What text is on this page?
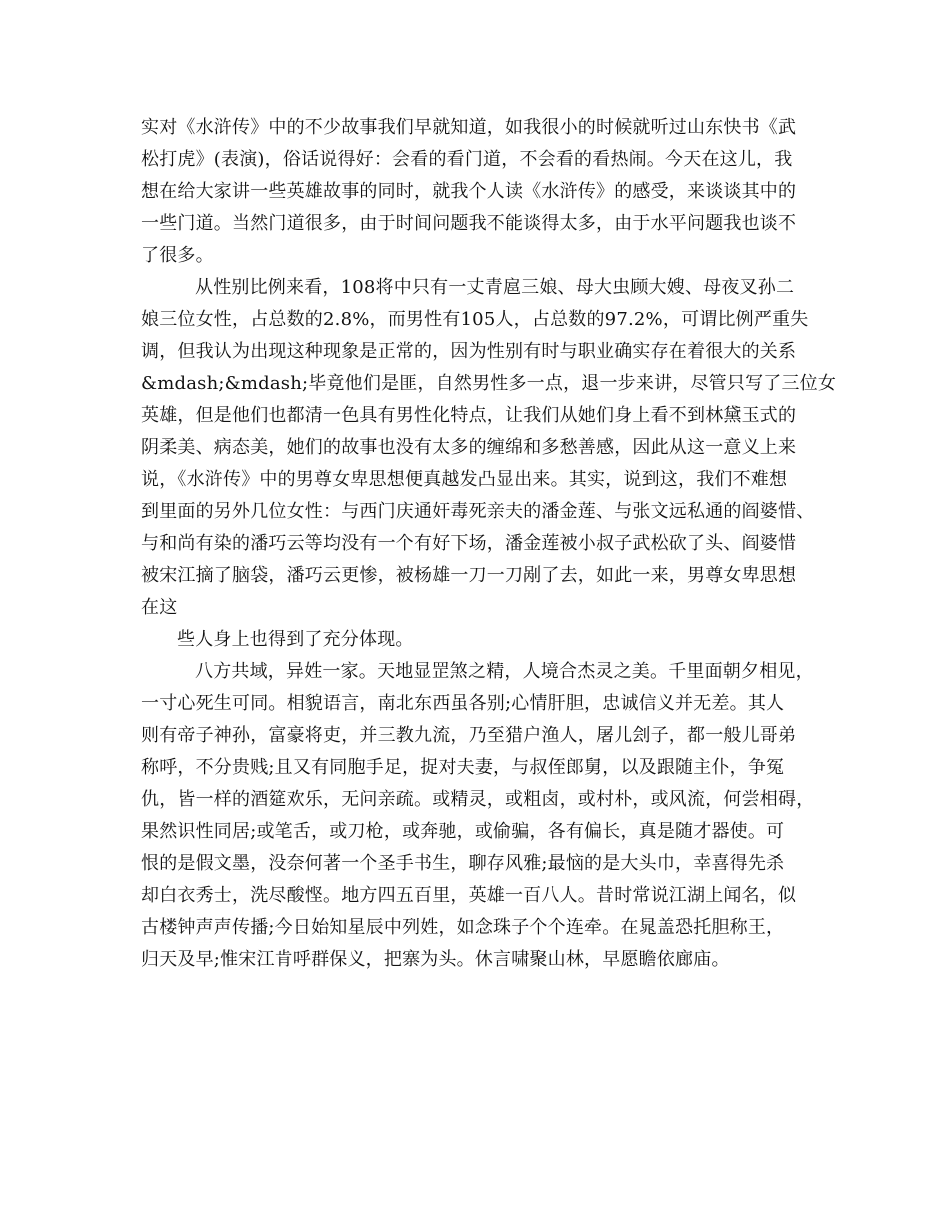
实对《水浒传》中的不少故事我们早就知道，如我很小的时候就听过山东快书《武
松打虎》(表演)，俗话说得好：会看的看门道，不会看的看热闹。今天在这儿，我
想在给大家讲一些英雄故事的同时，就我个人读《水浒传》的感受，来谈谈其中的
一些门道。当然门道很多，由于时间问题我不能谈得太多，由于水平问题我也谈不
了很多。
从性别比例来看，108将中只有一丈青扈三娘、母大虫顾大嫂、母夜叉孙二
娘三位女性，占总数的2.8%，而男性有105人，占总数的97.2%，可谓比例严重失
调，但我认为出现这种现象是正常的，因为性别有时与职业确实存在着很大的关系
&mdash;&mdash;毕竟他们是匪，自然男性多一点，退一步来讲，尽管只写了三位女
英雄，但是他们也都清一色具有男性化特点，让我们从她们身上看不到林黛玉式的
阴柔美、病态美，她们的故事也没有太多的缠绵和多愁善感，因此从这一意义上来
说，《水浒传》中的男尊女卑思想便真越发凸显出来。其实，说到这，我们不难想
到里面的另外几位女性：与西门庆通奸毒死亲夫的潘金莲、与张文远私通的阎婆惜、
与和尚有染的潘巧云等均没有一个有好下场，潘金莲被小叔子武松砍了头、阎婆惜
被宋江摘了脑袋，潘巧云更惨，被杨雄一刀一刀剐了去，如此一来，男尊女卑思想
在这
些人身上也得到了充分体现。
八方共域，异姓一家。天地显罡煞之精，人境合杰灵之美。千里面朝夕相见，
一寸心死生可同。相貌语言，南北东西虽各别;心情肝胆，忠诚信义并无差。其人
则有帝子神孙，富豪将吏，并三教九流，乃至猎户渔人，屠儿刽子，都一般儿哥弟
称呼，不分贵贱;且又有同胞手足，捉对夫妻，与叔侄郎舅，以及跟随主仆，争冤
仇，皆一样的酒筵欢乐，无问亲疏。或精灵，或粗卤，或村朴，或风流，何尝相碍，
果然识性同居;或笔舌，或刀枪，或奔驰，或偷骗，各有偏长，真是随才器使。可
恨的是假文墨，没奈何著一个圣手书生，聊存风雅;最恼的是大头巾，幸喜得先杀
却白衣秀士，洗尽酸悭。地方四五百里，英雄一百八人。昔时常说江湖上闻名，似
古楼钟声声传播;今日始知星辰中列姓，如念珠子个个连牵。在晁盖恐托胆称王，
归天及早;惟宋江肯呼群保义，把寨为头。休言啸聚山林，早愿瞻依廊庙。
